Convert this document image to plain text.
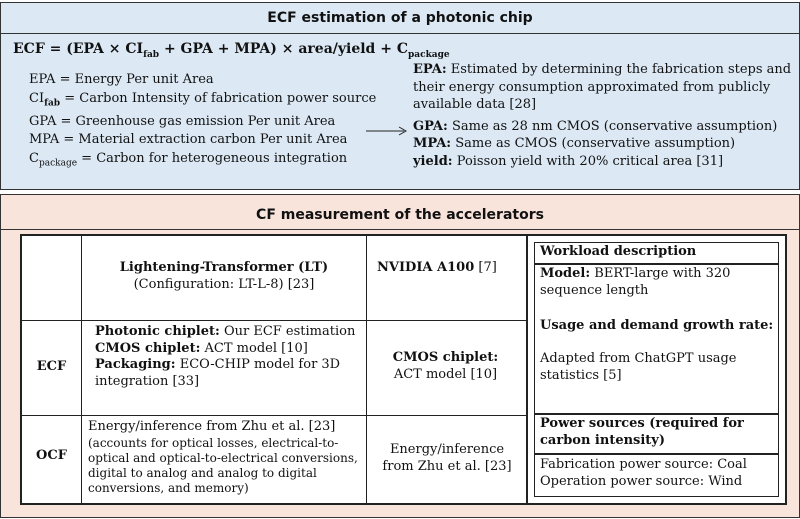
ECF estimation of a photonic chip
ECF = ($EPA \times CI_{fab}$ + GPA + MPA) × area/yield + $C_{package}$
EPA = Energy Per unit Area
$CI_{fab}$ = Carbon Intensity of fabrication power source
GPA = Greenhouse gas emission Per unit Area
MPA = Material extraction carbon Per unit Area
$C_{package}$ = Carbon for heterogeneous integration

EPA: Estimated by determining the fabrication steps and their energy consumption approximated from publicly available data [28]

GPA: Same as 28 nm CMOS (conservative assumption)

MPA: Same as CMOS (conservative assumption)

yield: Poisson yield with 20% critical area [31]

CF measurement of the accelerators
Lightening-Transformer (LT)
(Configuration: LT-L-8) [23]
NVIDIA A100 [7]
ECF
Photonic chiplet: Our ECF estimation
CMOS chiplet: ACT model [10]
Packaging: ECO-CHIP model for 3D integration [33]
CMOS chiplet:
ACT model [10]
OCF
Energy/inference from Zhu et al. [23]
(accounts for optical losses, electrical-to-optical and optical-to-electrical conversions, digital to analog and analog to digital conversions, and memory)
Energy/inference from Zhu et al. [23]
Workload description
Model: BERT-large with 320 sequence length
Usage and demand growth rate:
Adapted from ChatGPT usage statistics [5]
Power sources (required for carbon intensity)
Fabrication power source: Coal
Operation power source: Wind
